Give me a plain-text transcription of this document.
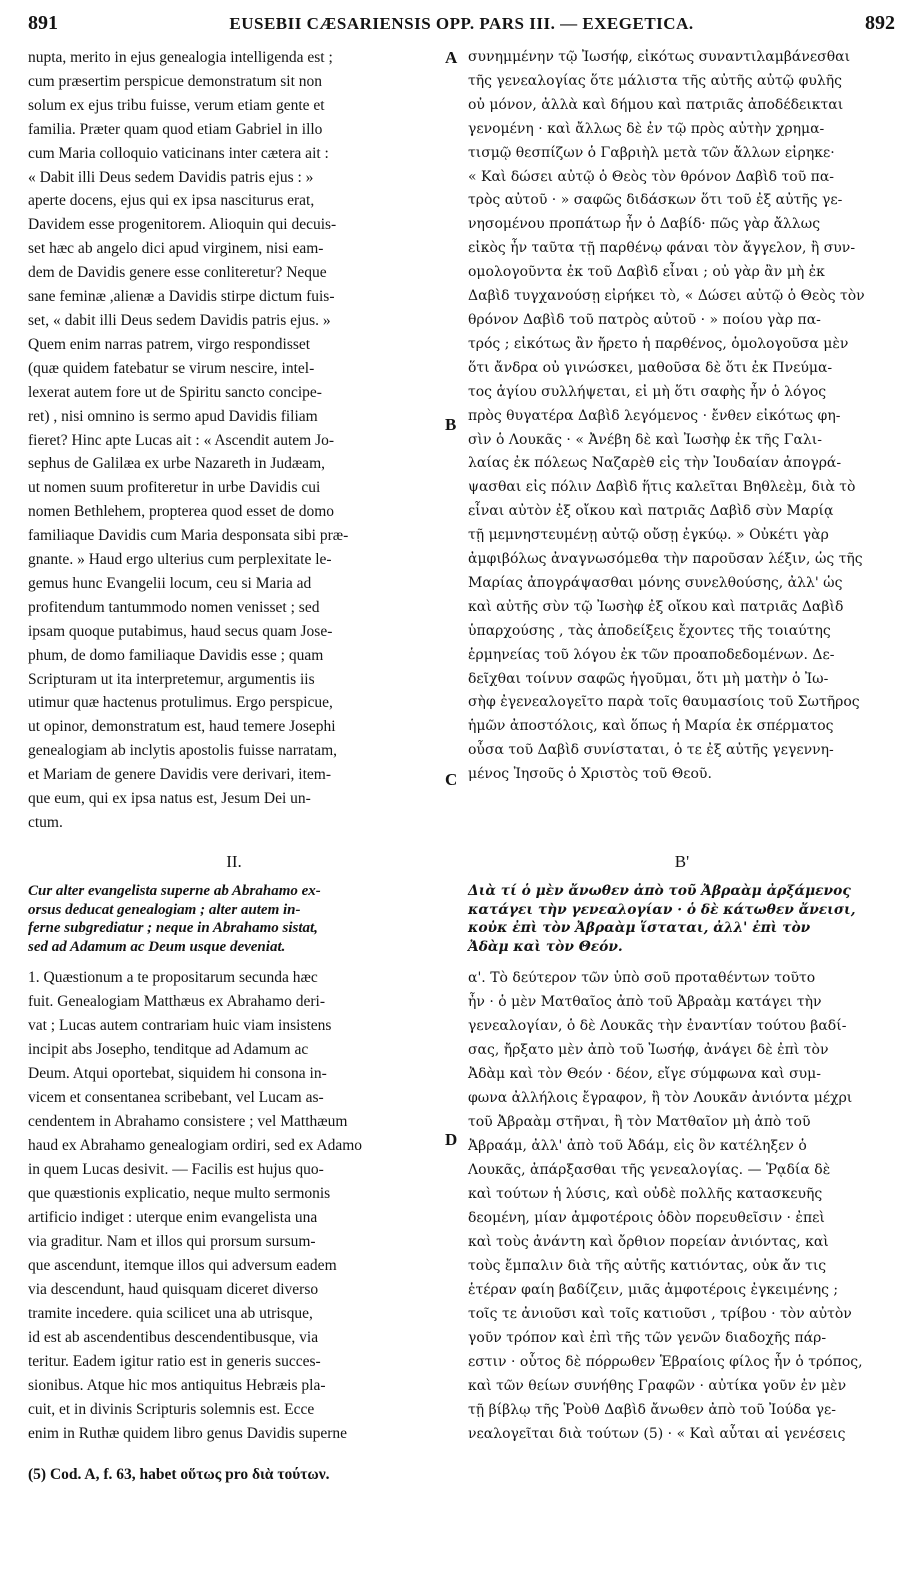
891	EUSEBII CÆSARIENSIS OPP. PARS III. — EXEGETICA.	892
A
B
C
D

nupta, merito in ejus genealogia intelligenda est ;
cum præsertim perspicue demonstratum sit non
solum ex ejus tribu fuisse, verum etiam gente et
familia. Præter quam quod etiam Gabriel in illo
cum Maria colloquio vaticinans inter cætera ait :
« Dabit illi Deus sedem Davidis patris ejus : »
aperte docens, ejus qui ex ipsa nasciturus erat,
Davidem esse progenitorem. Alioquin qui decuis-
set hæc ab angelo dici apud virginem, nisi eam-
dem de Davidis genere esse conliteretur? Neque
sane feminæ ,alienæ a Davidis stirpe dictum fuis-
set, « dabit illi Deus sedem Davidis patris ejus. »
Quem enim narras patrem, virgo respondisset
(quæ quidem fatebatur se virum nescire, intel-
lexerat autem fore ut de Spiritu sancto concipe-
ret) , nisi omnino is sermo apud Davidis filiam
fieret? Hinc apte Lucas ait : « Ascendit autem Jo-
sephus de Galilæa ex urbe Nazareth in Judæam,
ut nomen suum profiteretur in urbe Davidis cui
nomen Bethlehem, propterea quod esset de domo
familiaque Davidis cum Maria desponsata sibi præ-
gnante. » Haud ergo ulterius cum perplexitate le-
gemus hunc Evangelii locum, ceu si Maria ad
profitendum tantummodo nomen venisset ; sed
ipsam quoque putabimus, haud secus quam Jose-
phum, de domo familiaque Davidis esse ; quam
Scripturam ut ita interpretemur, argumentis iis
utimur quæ hactenus protulimus. Ergo perspicue,
ut opinor, demonstratum est, haud temere Josephi
genealogiam ab inclytis apostolis fuisse narratam,
et Mariam de genere Davidis vere derivari, item-
que eum, qui ex ipsa natus est, Jesum Dei un-
ctum.

συνημμένην τῷ Ἰωσήφ, εἰκότως συναντιλαμβάνεσθαι
τῆς γενεαλογίας ὅτε μάλιστα τῆς αὐτῆς αὐτῷ φυλῆς
οὐ μόνον, ἀλλὰ καὶ δήμου καὶ πατριᾶς ἀποδέδεικται
γενομένη · καὶ ἄλλως δὲ ἐν τῷ πρὸς αὐτὴν χρημα-
τισμῷ θεσπίζων ὁ Γαβριὴλ μετὰ τῶν ἄλλων εἰρηκε·
« Καὶ δώσει αὐτῷ ὁ Θεὸς τὸν θρόνον Δαβὶδ τοῦ πα-
τρὸς αὐτοῦ · » σαφῶς διδάσκων ὅτι τοῦ ἐξ αὐτῆς γε-
νησομένου προπάτωρ ἦν ὁ Δαβίδ· πῶς γὰρ ἄλλως
εἰκὸς ἦν ταῦτα τῇ παρθένῳ φάναι τὸν ἄγγελον, ἢ συν-
ομολογοῦντα ἐκ τοῦ Δαβὶδ εἶναι ; οὐ γὰρ ἂν μὴ ἐκ
Δαβὶδ τυγχανούσῃ εἰρήκει τὸ, « Δώσει αὐτῷ ὁ Θεὸς τὸν
θρόνον Δαβὶδ τοῦ πατρὸς αὐτοῦ · » ποίου γὰρ πα-
τρός ; εἰκότως ἂν ἤρετο ἡ παρθένος, ὁμολογοῦσα μὲν
ὅτι ἄνδρα οὐ γινώσκει, μαθοῦσα δὲ ὅτι ἐκ Πνεύμα-
τος ἁγίου συλλήψεται, εἰ μὴ ὅτι σαφὴς ἦν ὁ λόγος
πρὸς θυγατέρα Δαβὶδ λεγόμενος · ἔνθεν εἰκότως φη-
σὶν ὁ Λουκᾶς · « Ἀνέβη δὲ καὶ Ἰωσὴφ ἐκ τῆς Γαλι-
λαίας ἐκ πόλεως Ναζαρὲθ εἰς τὴν Ἰουδαίαν ἀπογρά-
ψασθαι εἰς πόλιν Δαβὶδ ἥτις καλεῖται Βηθλεὲμ, διὰ τὸ
εἶναι αὐτὸν ἐξ οἴκου καὶ πατριᾶς Δαβὶδ σὺν Μαρίᾳ
τῇ μεμνηστευμένῃ αὐτῷ οὔσῃ ἐγκύῳ. » Οὐκέτι γὰρ
ἀμφιβόλως ἀναγνωσόμεθα τὴν παροῦσαν λέξιν, ὡς τῆς
Μαρίας ἀπογράψασθαι μόνης συνελθούσης, ἀλλ' ὡς
καὶ αὐτῆς σὺν τῷ Ἰωσὴφ ἐξ οἴκου καὶ πατριᾶς Δαβὶδ
ὑπαρχούσης , τὰς ἀποδείξεις ἔχοντες τῆς τοιαύτης
ἑρμηνείας τοῦ λόγου ἐκ τῶν προαποδεδομένων. Δε-
δεῖχθαι τοίνυν σαφῶς ἡγοῦμαι, ὅτι μὴ ματὴν ὁ Ἰω-
σὴφ ἐγενεαλογεῖτο παρὰ τοῖς θαυμασίοις τοῦ Σωτῆρος
ἡμῶν ἀποστόλοις, καὶ ὅπως ἡ Μαρία ἐκ σπέρματος
οὖσα τοῦ Δαβὶδ συνίσταται, ὁ τε ἐξ αὐτῆς γεγεννη-
μένος Ἰησοῦς ὁ Χριστὸς τοῦ Θεοῦ.

II.	Β'
Cur alter evangelista superne ab Abrahamo ex-
orsus deducat genealogiam ; alter autem in-
ferne subgrediatur ; neque in Abrahamo sistat,
sed ad Adamum ac Deum usque deveniat.
Διὰ τί ὁ μὲν ἄνωθεν ἀπὸ τοῦ Ἀβραὰμ ἀρξάμενος
κατάγει τὴν γενεαλογίαν · ὁ δὲ κάτωθεν ἄνεισι,
κοὐκ ἐπὶ τὸν Ἀβραὰμ ἵσταται, ἀλλ' ἐπὶ τὸν
Ἀδὰμ καὶ τὸν Θεόν.

1. Quæstionum a te propositarum secunda hæc
fuit. Genealogiam Matthæus ex Abrahamo deri-
vat ; Lucas autem contrariam huic viam insistens
incipit abs Josepho, tenditque ad Adamum ac
Deum. Atqui oportebat, siquidem hi consona in-
vicem et consentanea scribebant, vel Lucam as-
cendentem in Abrahamo consistere ; vel Matthæum
haud ex Abrahamo genealogiam ordiri, sed ex Adamo
in quem Lucas desivit. — Facilis est hujus quo-
que quæstionis explicatio, neque multo sermonis
artificio indiget : uterque enim evangelista una
via graditur. Nam et illos qui prorsum sursum-
que ascendunt, itemque illos qui adversum eadem
via descendunt, haud quisquam diceret diverso
tramite incedere. quia scilicet una ab utrisque,
id est ab ascendentibus descendentibusque, via
teritur. Eadem igitur ratio est in generis succes-
sionibus. Atque hic mos antiquitus Hebræis pla-
cuit, et in divinis Scripturis solemnis est. Ecce
enim in Ruthæ quidem libro genus Davidis superne

α'. Τὸ δεύτερον τῶν ὑπὸ σοῦ προταθέντων τοῦτο
ἦν · ὁ μὲν Ματθαῖος ἀπὸ τοῦ Ἀβραὰμ κατάγει τὴν
γενεαλογίαν, ὁ δὲ Λουκᾶς τὴν ἐναντίαν τούτου βαδί-
σας, ἤρξατο μὲν ἀπὸ τοῦ Ἰωσήφ, ἀνάγει δὲ ἐπὶ τὸν
Ἀδὰμ καὶ τὸν Θεόν · δέον, εἴγε σύμφωνα καὶ συμ-
φωνα ἀλλήλοις ἔγραφον, ἢ τὸν Λουκᾶν ἀνιόντα μέχρι
τοῦ Ἀβραὰμ στῆναι, ἢ τὸν Ματθαῖον μὴ ἀπὸ τοῦ
Ἀβραάμ, ἀλλ' ἀπὸ τοῦ Ἀδάμ, εἰς ὃν κατέληξεν ὁ
Λουκᾶς, ἀπάρξασθαι τῆς γενεαλογίας. — Ῥᾳδία δὲ
καὶ τούτων ἡ λύσις, καὶ οὐδὲ πολλῆς κατασκευῆς
δεομένη, μίαν ἀμφοτέροις ὁδὸν πορευθεῖσιν · ἐπεὶ
καὶ τοὺς ἀνάντη καὶ ὄρθιον πορείαν ἀνιόντας, καὶ
τοὺς ἔμπαλιν διὰ τῆς αὐτῆς κατιόντας, οὐκ ἄν τις
ἑτέραν φαίη βαδίζειν, μιᾶς ἀμφοτέροις ἐγκειμένης ;
τοῖς τε ἀνιοῦσι καὶ τοῖς κατιοῦσι , τρίβου · τὸν αὐτὸν
γοῦν τρόπον καὶ ἐπὶ τῆς τῶν γενῶν διαδοχῆς πάρ-
εστιν · οὗτος δὲ πόρρωθεν Ἑβραίοις φίλος ἦν ὁ τρόπος,
καὶ τῶν θείων συνήθης Γραφῶν · αὐτίκα γοῦν ἐν μὲν
τῇ βίβλῳ τῆς Ῥοὺθ Δαβὶδ ἄνωθεν ἀπὸ τοῦ Ἰούδα γε-
νεαλογεῖται διὰ τούτων (5) · « Καὶ αὗται αἱ γενέσεις

(5) Cod. A, f. 63, habet οὕτως pro διὰ τούτων.
